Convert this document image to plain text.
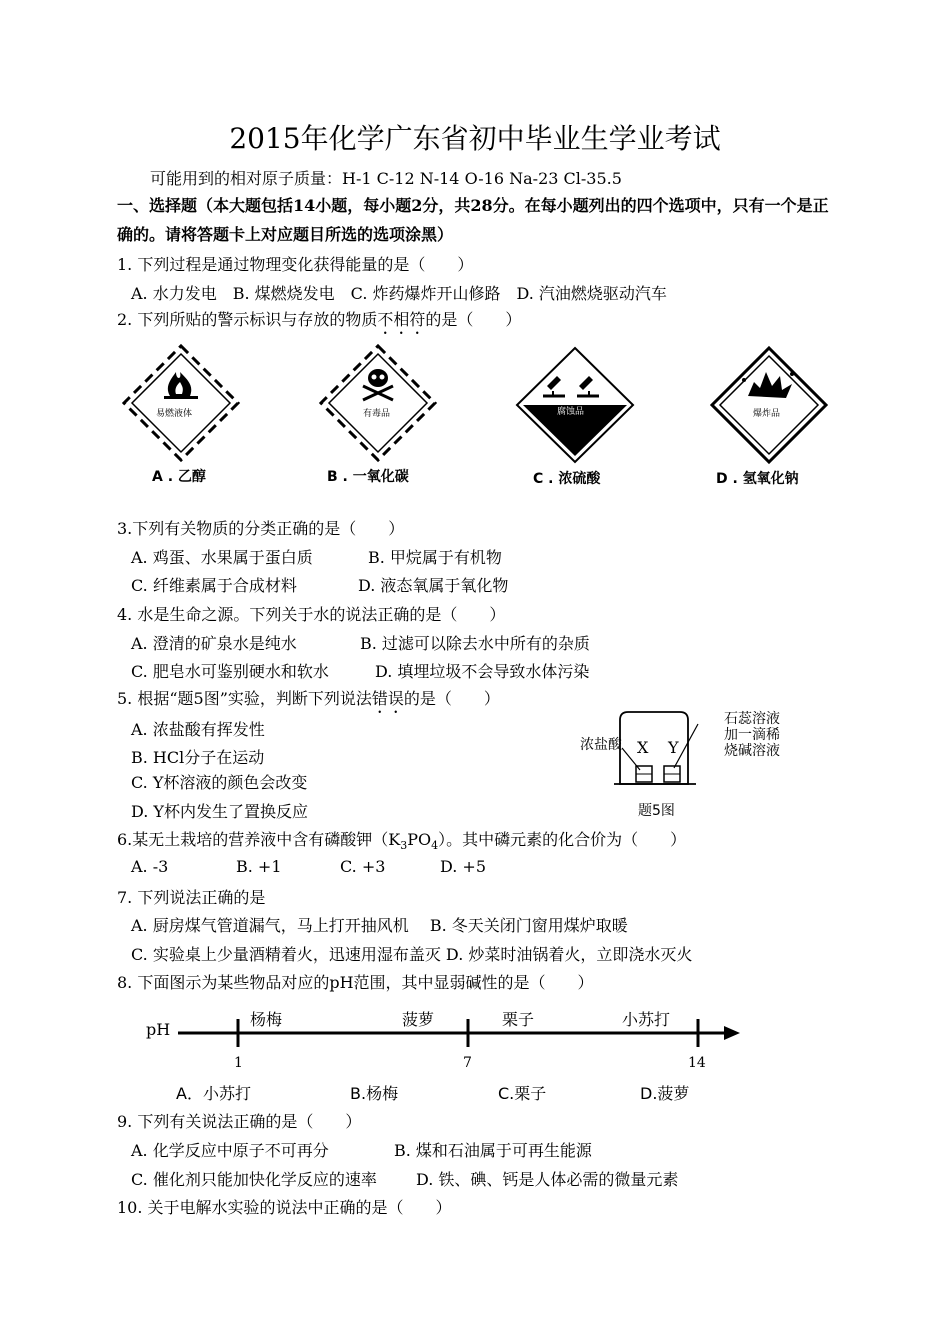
2015年化学广东省初中毕业生学业考试
可能用到的相对原子质量：H-1 C-12 N-14 O-16 Na-23 Cl-35.5
一、选择题（本大题包括14小题，每小题2分，共28分。在每小题列出的四个选项中，只有一个是正
确的。请将答题卡上对应题目所选的选项涂黑）
1. 下列过程是通过物理变化获得能量的是（　　）
A. 水力发电　B. 煤燃烧发电　C. 炸药爆炸开山修路　D. 汽油燃烧驱动汽车
2. 下列所贴的警示标识与存放的物质不相符的是（　　）
易燃液体
A . 乙醇
有毒品
B . 一氧化碳
腐蚀品
C . 浓硫酸
爆炸品
D . 氢氧化钠
3.下列有关物质的分类正确的是（　　）
A. 鸡蛋、水果属于蛋白质	B. 甲烷属于有机物
C. 纤维素属于合成材料	D. 液态氧属于氧化物
4. 水是生命之源。下列关于水的说法正确的是（　　）
A. 澄清的矿泉水是纯水	B. 过滤可以除去水中所有的杂质
C. 肥皂水可鉴别硬水和软水	D. 填埋垃圾不会导致水体污染
5. 根据“题5图”实验，判断下列说法错误的是（　　）
A. 浓盐酸有挥发性
B. HCl分子在运动
C. Y杯溶液的颜色会改变
D. Y杯内发生了置换反应
浓盐酸 X Y
石蕊溶液
加一滴稀
烧碱溶液
题5图
6.某无土栽培的营养液中含有磷酸钾$(K_3PO_4)$。其中磷元素的化合价为（　　）
A. -3	B. +1	C. +3	D. +5
7. 下列说法正确的是
A. 厨房煤气管道漏气，马上打开抽风机　 B. 冬天关闭门窗用煤炉取暖
C. 实验桌上少量酒精着火，迅速用湿布盖灭 D. 炒菜时油锅着火，立即浇水灭火
8. 下面图示为某些物品对应的pH范围，其中显弱碱性的是（　　）
pH
杨梅	菠萝	栗子	小苏打
1	7	14
A．小苏打	B.杨梅	C.栗子	D.菠萝
9. 下列有关说法正确的是（　　）
A. 化学反应中原子不可再分	B. 煤和石油属于可再生能源
C. 催化剂只能加快化学反应的速率 D. 铁、碘、钙是人体必需的微量元素
10. 关于电解水实验的说法中正确的是（　　）
